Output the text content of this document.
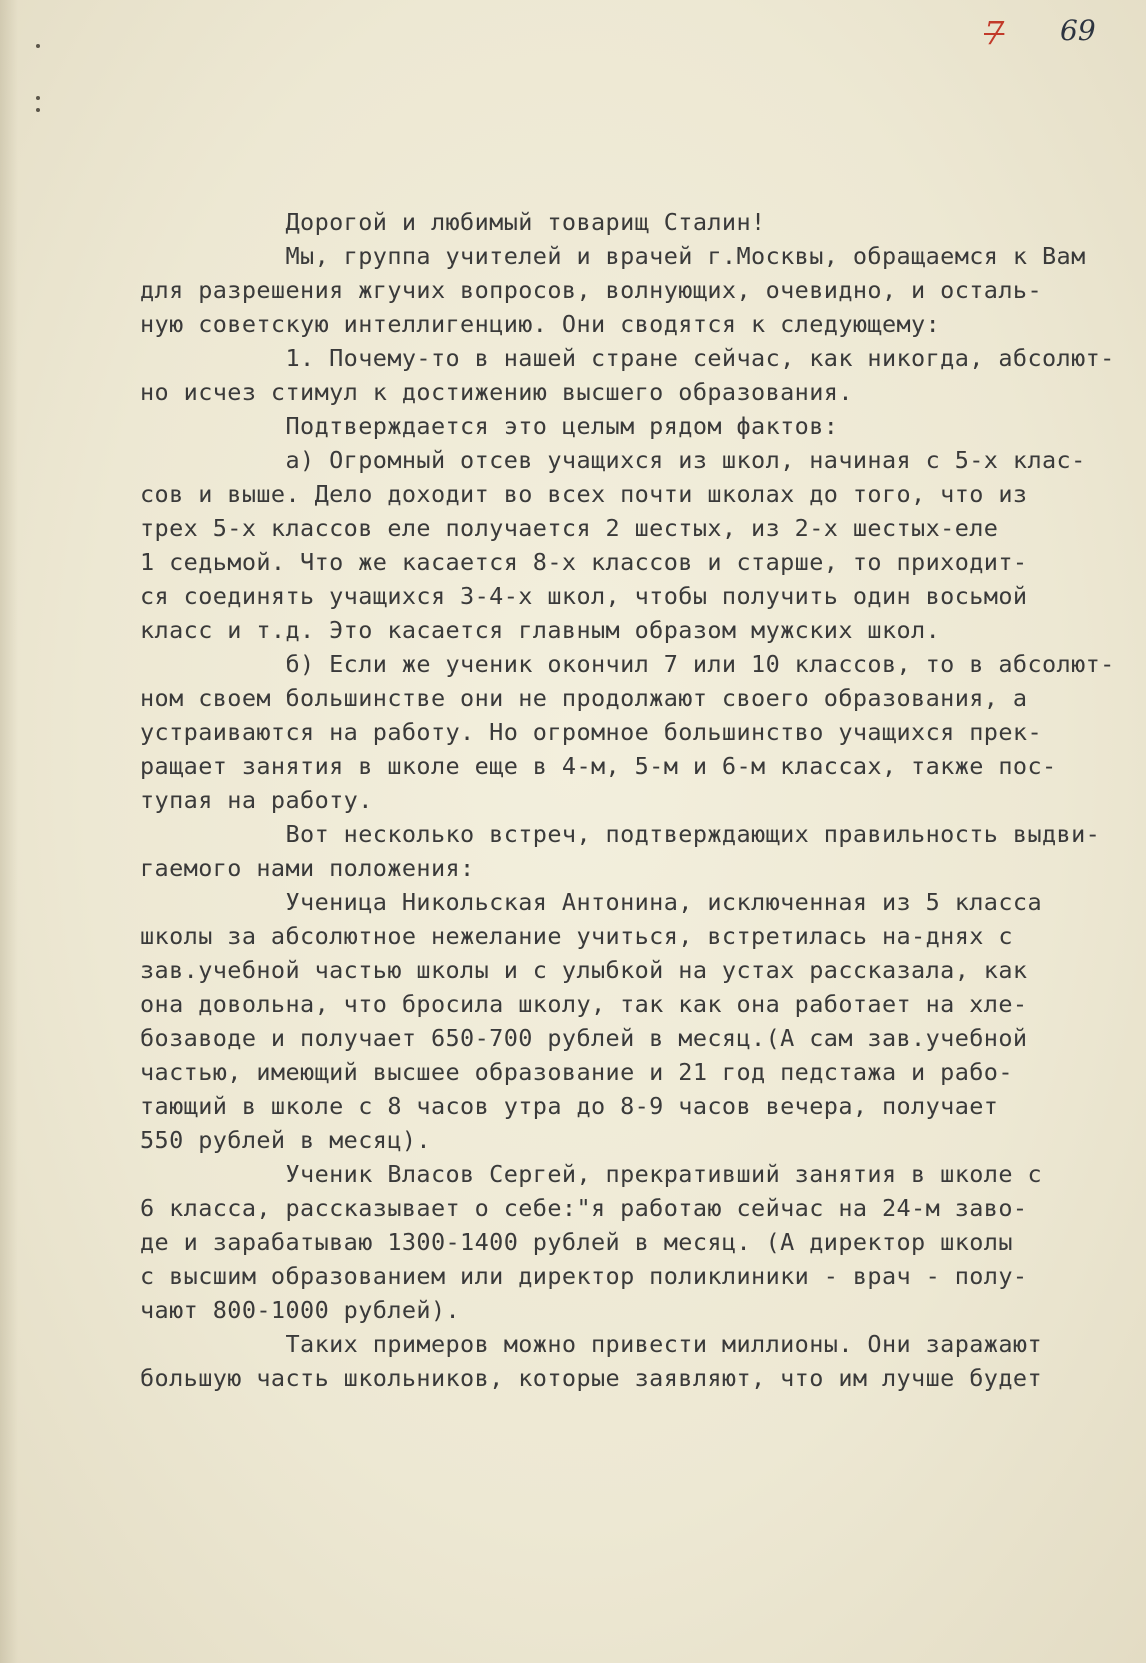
7 69
Дорогой и любимый товарищ Сталин!
Мы, группа учителей и врачей г.Москвы, обращаемся к Вам
для разрешения жгучих вопросов, волнующих, очевидно, и осталь-
ную советскую интеллигенцию. Они сводятся к следующему:
1. Почему-то в нашей стране сейчас, как никогда, абсолют-
но исчез стимул к достижению высшего образования.
Подтверждается это целым рядом фактов:
а) Огромный отсев учащихся из школ, начиная с 5-х клас-
сов и выше. Дело доходит во всех почти школах до того, что из
трех 5-х классов еле получается 2 шестых, из 2-х шестых-еле
1 седьмой. Что же касается 8-х классов и старше, то приходит-
ся соединять учащихся 3-4-х школ, чтобы получить один восьмой
класс и т.д. Это касается главным образом мужских школ.
б) Если же ученик окончил 7 или 10 классов, то в абсолют-
ном своем большинстве они не продолжают своего образования, а
устраиваются на работу. Но огромное большинство учащихся прек-
ращает занятия в школе еще в 4-м, 5-м и 6-м классах, также пос-
тупая на работу.
Вот несколько встреч, подтверждающих правильность выдви-
гаемого нами положения:
Ученица Никольская Антонина, исключенная из 5 класса
школы за абсолютное нежелание учиться, встретилась на-днях с
зав.учебной частью школы и с улыбкой на устах рассказала, как
она довольна, что бросила школу, так как она работает на хле-
бозаводе и получает 650-700 рублей в месяц.(А сам зав.учебной
частью, имеющий высшее образование и 21 год педстажа и рабо-
тающий в школе с 8 часов утра до 8-9 часов вечера, получает
550 рублей в месяц).
Ученик Власов Сергей, прекративший занятия в школе с
6 класса, рассказывает о себе:"я работаю сейчас на 24-м заво-
де и зарабатываю 1300-1400 рублей в месяц. (А директор школы
с высшим образованием или директор поликлиники - врач - полу-
чают 800-1000 рублей).
Таких примеров можно привести миллионы. Они заражают
большую часть школьников, которые заявляют, что им лучше будет
